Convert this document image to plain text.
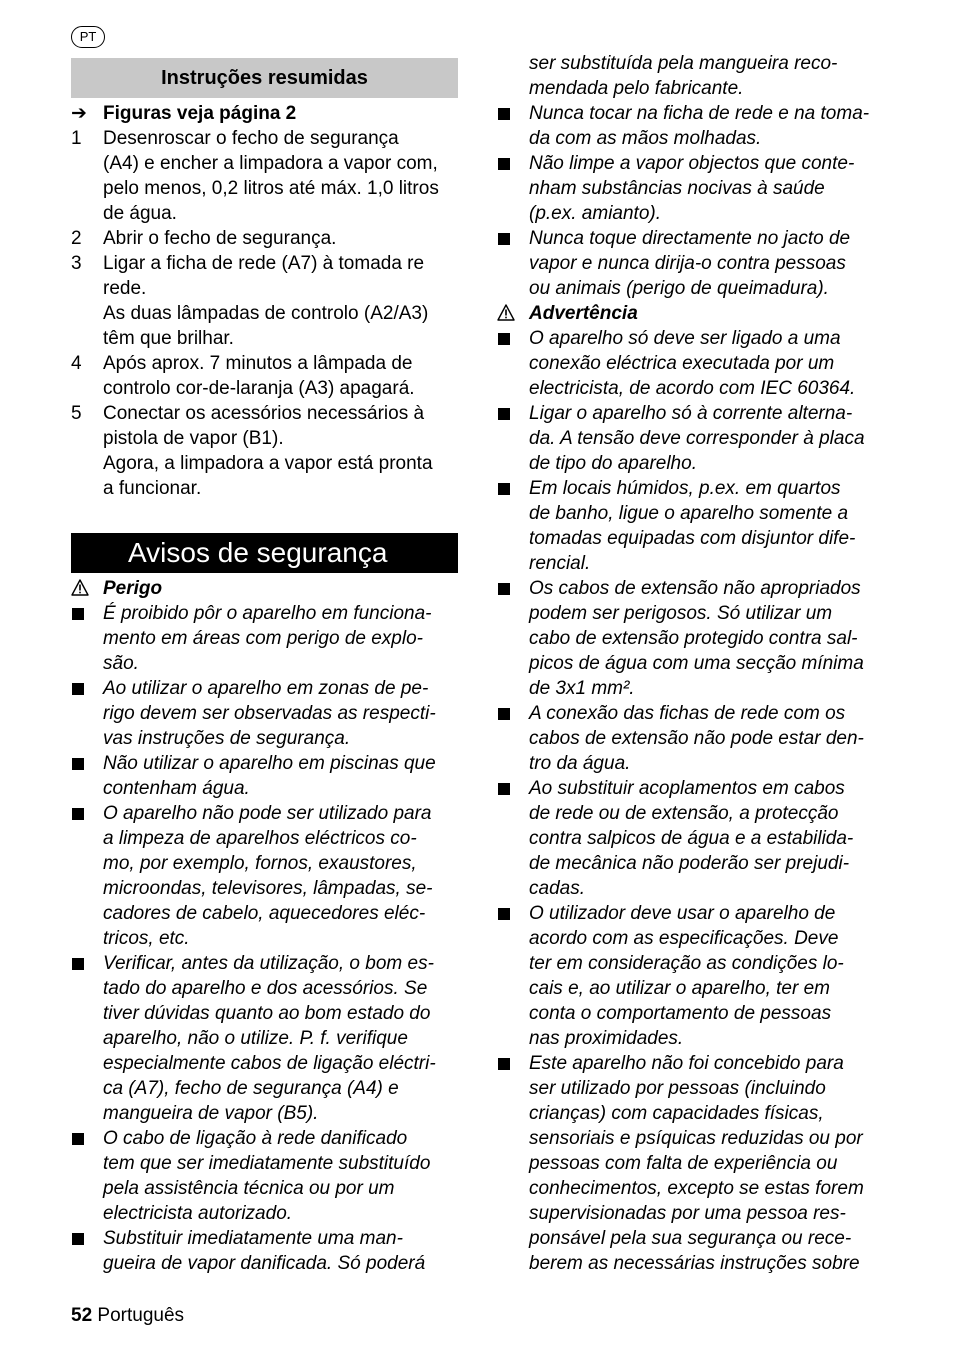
PT
Instruções resumidas
Avisos de segurança
➔ Figuras veja página 2
1	Desenroscar o fecho de segurança
(A4) e encher a limpadora a vapor com,
pelo menos, 0,2 litros até máx. 1,0 litros
de água.
2	Abrir o fecho de segurança.
3	Ligar a ficha de rede (A7) à tomada re
rede.
As duas lâmpadas de controlo (A2/A3)
têm que brilhar.
4	Após aprox. 7 minutos a lâmpada de
controlo cor-de-laranja (A3) apagará.
5	Conectar os acessórios necessários à
pistola de vapor (B1).
Agora, a limpadora a vapor está pronta
a funcionar.
Perigo
É proibido pôr o aparelho em funciona-
mento em áreas com perigo de explo-
são.
Ao utilizar o aparelho em zonas de pe-
rigo devem ser observadas as respecti-
vas instruções de segurança.
Não utilizar o aparelho em piscinas que
contenham água.
O aparelho não pode ser utilizado para
a limpeza de aparelhos eléctricos co-
mo, por exemplo, fornos, exaustores,
microondas, televisores, lâmpadas, se-
cadores de cabelo, aquecedores eléc-
tricos, etc.
Verificar, antes da utilização, o bom es-
tado do aparelho e dos acessórios. Se
tiver dúvidas quanto ao bom estado do
aparelho, não o utilize. P. f. verifique
especialmente cabos de ligação eléctri-
ca (A7), fecho de segurança (A4) e
mangueira de vapor (B5).
O cabo de ligação à rede danificado
tem que ser imediatamente substituído
pela assistência técnica ou por um
electricista autorizado.
Substituir imediatamente uma man-
gueira de vapor danificada. Só poderá
ser substituída pela mangueira reco-
mendada pelo fabricante.
Nunca tocar na ficha de rede e na toma-
da com as mãos molhadas.
Não limpe a vapor objectos que conte-
nham substâncias nocivas à saúde
(p.ex. amianto).
Nunca toque directamente no jacto de
vapor e nunca dirija-o contra pessoas
ou animais (perigo de queimadura).
Advertência
O aparelho só deve ser ligado a uma
conexão eléctrica executada por um
electricista, de acordo com IEC 60364.
Ligar o aparelho só à corrente alterna-
da. A tensão deve corresponder à placa
de tipo do aparelho.
Em locais húmidos, p.ex. em quartos
de banho, ligue o aparelho somente a
tomadas equipadas com disjuntor dife-
rencial.
Os cabos de extensão não apropriados
podem ser perigosos. Só utilizar um
cabo de extensão protegido contra sal-
picos de água com uma secção mínima
de 3x1 mm².
A conexão das fichas de rede com os
cabos de extensão não pode estar den-
tro da água.
Ao substituir acoplamentos em cabos
de rede ou de extensão, a protecção
contra salpicos de água e a estabilida-
de mecânica não poderão ser prejudi-
cadas.
O utilizador deve usar o aparelho de
acordo com as especificações. Deve
ter em consideração as condições lo-
cais e, ao utilizar o aparelho, ter em
conta o comportamento de pessoas
nas proximidades.
Este aparelho não foi concebido para
ser utilizado por pessoas (incluindo
crianças) com capacidades físicas,
sensoriais e psíquicas reduzidas ou por
pessoas com falta de experiência ou
conhecimentos, excepto se estas forem
supervisionadas por uma pessoa res-
ponsável pela sua segurança ou rece-
berem as necessárias instruções sobre
52 Português
